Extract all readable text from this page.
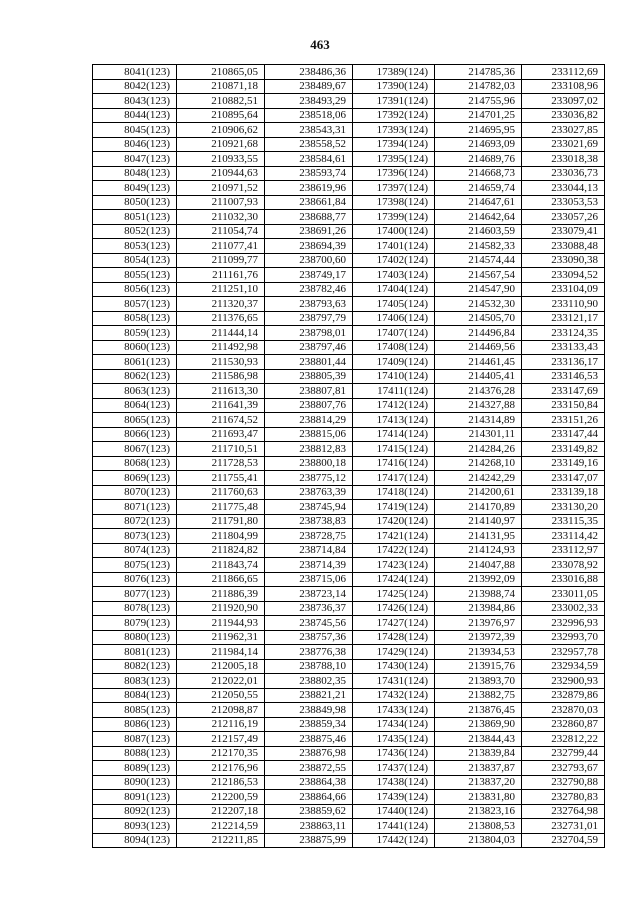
463
8041(123)	210865,05	238486,36	17389(124)	214785,36	233112,69
8042(123)	210871,18	238489,67	17390(124)	214782,03	233108,96
8043(123)	210882,51	238493,29	17391(124)	214755,96	233097,02
8044(123)	210895,64	238518,06	17392(124)	214701,25	233036,82
8045(123)	210906,62	238543,31	17393(124)	214695,95	233027,85
8046(123)	210921,68	238558,52	17394(124)	214693,09	233021,69
8047(123)	210933,55	238584,61	17395(124)	214689,76	233018,38
8048(123)	210944,63	238593,74	17396(124)	214668,73	233036,73
8049(123)	210971,52	238619,96	17397(124)	214659,74	233044,13
8050(123)	211007,93	238661,84	17398(124)	214647,61	233053,53
8051(123)	211032,30	238688,77	17399(124)	214642,64	233057,26
8052(123)	211054,74	238691,26	17400(124)	214603,59	233079,41
8053(123)	211077,41	238694,39	17401(124)	214582,33	233088,48
8054(123)	211099,77	238700,60	17402(124)	214574,44	233090,38
8055(123)	211161,76	238749,17	17403(124)	214567,54	233094,52
8056(123)	211251,10	238782,46	17404(124)	214547,90	233104,09
8057(123)	211320,37	238793,63	17405(124)	214532,30	233110,90
8058(123)	211376,65	238797,79	17406(124)	214505,70	233121,17
8059(123)	211444,14	238798,01	17407(124)	214496,84	233124,35
8060(123)	211492,98	238797,46	17408(124)	214469,56	233133,43
8061(123)	211530,93	238801,44	17409(124)	214461,45	233136,17
8062(123)	211586,98	238805,39	17410(124)	214405,41	233146,53
8063(123)	211613,30	238807,81	17411(124)	214376,28	233147,69
8064(123)	211641,39	238807,76	17412(124)	214327,88	233150,84
8065(123)	211674,52	238814,29	17413(124)	214314,89	233151,26
8066(123)	211693,47	238815,06	17414(124)	214301,11	233147,44
8067(123)	211710,51	238812,83	17415(124)	214284,26	233149,82
8068(123)	211728,53	238800,18	17416(124)	214268,10	233149,16
8069(123)	211755,41	238775,12	17417(124)	214242,29	233147,07
8070(123)	211760,63	238763,39	17418(124)	214200,61	233139,18
8071(123)	211775,48	238745,94	17419(124)	214170,89	233130,20
8072(123)	211791,80	238738,83	17420(124)	214140,97	233115,35
8073(123)	211804,99	238728,75	17421(124)	214131,95	233114,42
8074(123)	211824,82	238714,84	17422(124)	214124,93	233112,97
8075(123)	211843,74	238714,39	17423(124)	214047,88	233078,92
8076(123)	211866,65	238715,06	17424(124)	213992,09	233016,88
8077(123)	211886,39	238723,14	17425(124)	213988,74	233011,05
8078(123)	211920,90	238736,37	17426(124)	213984,86	233002,33
8079(123)	211944,93	238745,56	17427(124)	213976,97	232996,93
8080(123)	211962,31	238757,36	17428(124)	213972,39	232993,70
8081(123)	211984,14	238776,38	17429(124)	213934,53	232957,78
8082(123)	212005,18	238788,10	17430(124)	213915,76	232934,59
8083(123)	212022,01	238802,35	17431(124)	213893,70	232900,93
8084(123)	212050,55	238821,21	17432(124)	213882,75	232879,86
8085(123)	212098,87	238849,98	17433(124)	213876,45	232870,03
8086(123)	212116,19	238859,34	17434(124)	213869,90	232860,87
8087(123)	212157,49	238875,46	17435(124)	213844,43	232812,22
8088(123)	212170,35	238876,98	17436(124)	213839,84	232799,44
8089(123)	212176,96	238872,55	17437(124)	213837,87	232793,67
8090(123)	212186,53	238864,38	17438(124)	213837,20	232790,88
8091(123)	212200,59	238864,66	17439(124)	213831,80	232780,83
8092(123)	212207,18	238859,62	17440(124)	213823,16	232764,98
8093(123)	212214,59	238863,11	17441(124)	213808,53	232731,01
8094(123)	212211,85	238875,99	17442(124)	213804,03	232704,59
